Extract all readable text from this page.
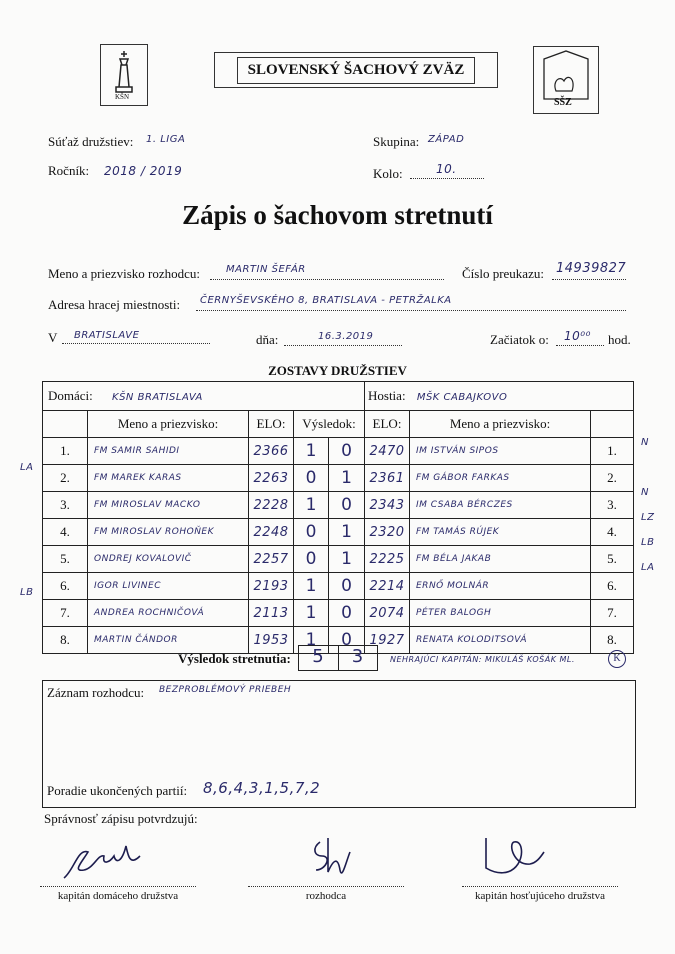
KŠN
SLOVENSKÝ ŠACHOVÝ ZVÄZ
SŠZ
Súťaž družstiev: 1. LIGA	Skupina: ZÁPAD
Ročník: 2018 / 2019	Kolo:	10.
Zápis o šachovom stretnutí
Meno a priezvisko rozhodcu:	MARTIN ŠEFÁR	Číslo preukazu: 14939827
Adresa hracej miestnosti: ČERNYŠEVSKÉHO 8, BRATISLAVA - PETRŽALKA
V BRATISLAVE	dňa:	16.3.2019	Začiatok o: 10⁰⁰ hod.
ZOSTAVY DRUŽSTIEV
Domáci: KŠN BRATISLAVA					Hostia: MŠK CABAJKOVO		
	Meno a priezvisko:	ELO:	Výsledok:		ELO:	Meno a priezvisko:	
1.	FM SAMIR SAHIDI	2366	1	0	2470	IM ISTVÁN SIPOS	1.
2.	FM MAREK KARAS	2263	0	1	2361	FM GÁBOR FARKAS	2.
3.	FM MIROSLAV MACKO	2228	1	0	2343	IM CSABA BÉRCZES	3.
4.	FM MIROSLAV ROHOŇEK	2248	0	1	2320	FM TAMÁS RÚJEK	4.
5.	ONDREJ KOVALOVIČ	2257	0	1	2225	FM BÉLA JAKAB	5.
6.	IGOR LIVINEC	2193	1	0	2214	ERNŐ MOLNÁR	6.
7.	ANDREA ROCHNIČOVÁ	2113	1	0	2074	PÉTER BALOGH	7.
8.	MARTIN ČÁNDOR	1953	1	0	1927	RENATA KOLODITSOVÁ	8.
N
LA
N
LZ
LB
LA
LB
Výsledok stretnutia:	5	3	NEHRAJÚCI KAPITÁN: MIKULÁŠ KOŠÁK ML.	K
Záznam rozhodcu: BEZPROBLÉMOVÝ PRIEBEH
Poradie ukončených partií: 8,6,4,3,1,5,7,2
Správnosť zápisu potvrdzujú:
kapitán domáceho družstva	rozhodca	kapitán hosťujúceho družstva
